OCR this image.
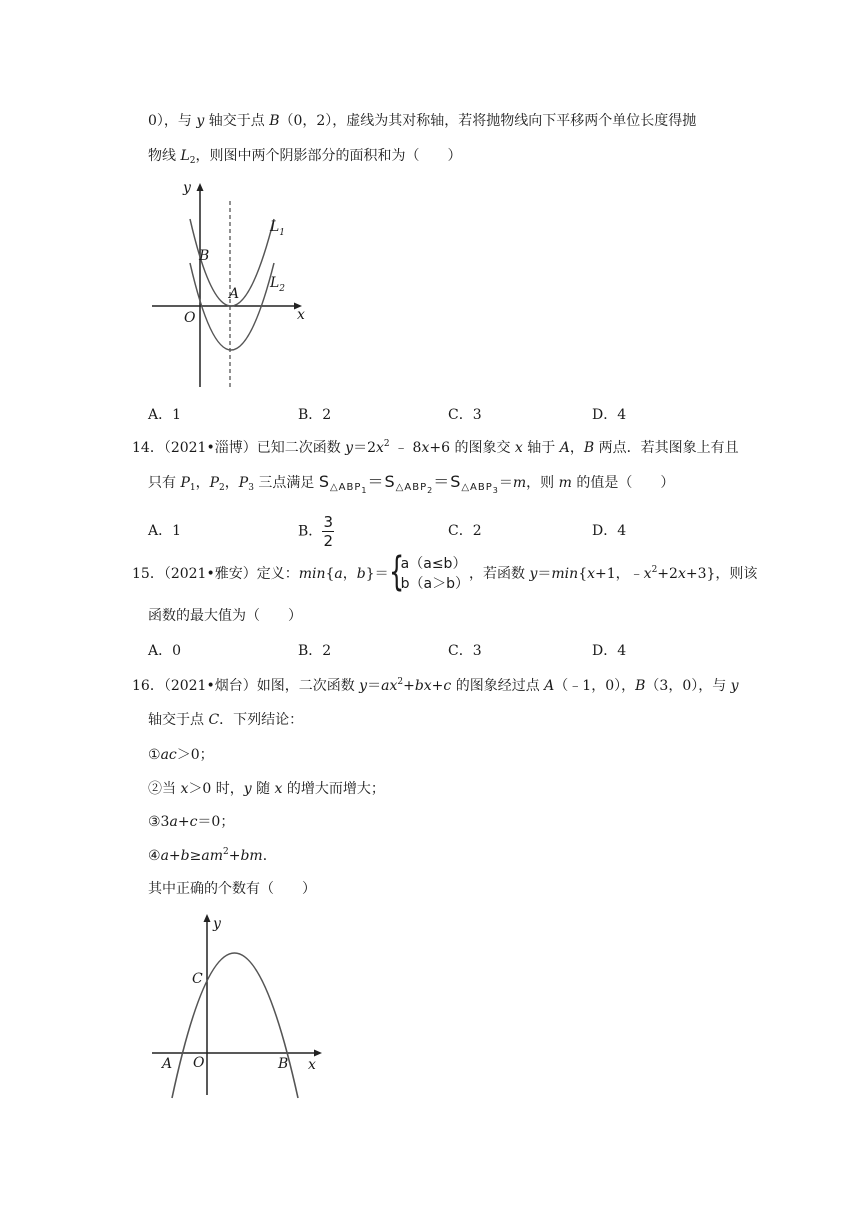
0），与 y 轴交于点 B（0，2），虚线为其对称轴，若将抛物线向下平移两个单位长度得抛
物线 $L_2$，则图中两个阴影部分的面积和为（　　）
y
x
O
A
B
$L_1$
$L_2$
A．1	B．2	C．3	D．4
14．（2021•淄博）已知二次函数 $y=2x^2$ ﹣ 8x+6 的图象交 x 轴于 A，B 两点．若其图象上有且
只有 $P_1$，$P_2$，$P_3$ 三点满足 $S_{\triangle ABP_1}=S_{\triangle ABP_2}=S_{\triangle ABP_3}=m$，则 m 的值是（　　）
A．1	B． $\frac{3}{2}$	C．2	D．4
15．（2021•雅安）定义：min{a，b}＝ {
a（a≤b）
b（a＞b）
，若函数 y＝min{x+1，$﹣x^2+2x+3$}，则该
函数的最大值为（　　）
A．0	B．2	C．3	D．4
16．（2021•烟台）如图，二次函数 $y=ax^2+bx+c$ 的图象经过点 A（﹣1，0），B（3，0），与 y
轴交于点 C．下列结论：
①ac＞0；
②当 x＞0 时，y 随 x 的增大而增大；
③3a+c＝0；
$④a+b\ge am^2+bm$．
其中正确的个数有（　　）
y
x
O
A	B
C
